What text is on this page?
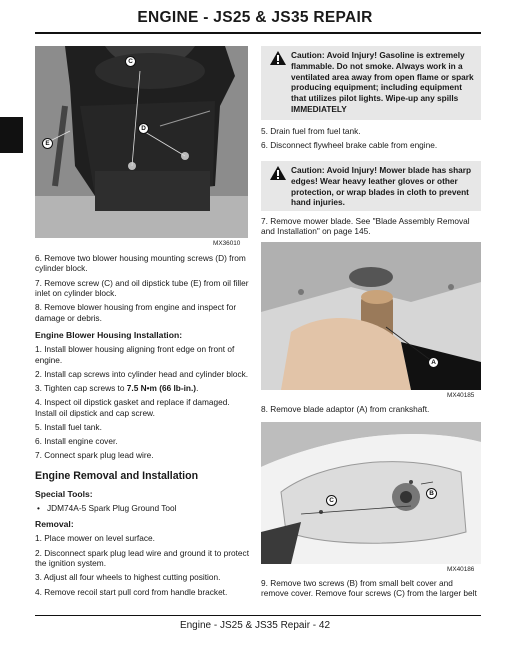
ENGINE - JS25 & JS35 REPAIR
C
D
E
MX36010

6. Remove two blower housing mounting screws (D) from cylinder block.

7. Remove screw (C) and oil dipstick tube (E) from oil filler inlet on cylinder block.

8. Remove blower housing from engine and inspect for damage or debris.

Engine Blower Housing Installation:

1. Install blower housing aligning front edge on front of engine.

2. Install cap screws into cylinder head and cylinder block.

3. Tighten cap screws to 7.5 N•m (66 lb-in.).

4. Inspect oil dipstick gasket and replace if damaged. Install oil dipstick and cap screw.

5. Install fuel tank.

6. Install engine cover.

7. Connect spark plug lead wire.

Engine Removal and Installation
Special Tools:

• JDM74A-5 Spark Plug Ground Tool

Removal:

1. Place mower on level surface.

2. Disconnect spark plug lead wire and ground it to protect the ignition system.

3. Adjust all four wheels to highest cutting position.

4. Remove recoil start pull cord from handle bracket.

Caution: Avoid Injury! Gasoline is extremely flammable. Do not smoke. Always work in a ventilated area away from open flame or spark producing equipment; including equipment that utilizes pilot lights. Wipe-up any spills IMMEDIATELY

5. Drain fuel from fuel tank.

6. Disconnect flywheel brake cable from engine.

Caution: Avoid Injury! Mower blade has sharp edges! Wear heavy leather gloves or other protection, or wrap blades in cloth to prevent hand injuries.

7. Remove mower blade. See "Blade Assembly Removal and Installation" on page 145.

A
MX40185

8. Remove blade adaptor (A) from crankshaft.

B
C
MX40186

9. Remove two screws (B) from small belt cover and remove cover. Remove four screws (C) from the larger belt

Engine - JS25 & JS35 Repair - 42
